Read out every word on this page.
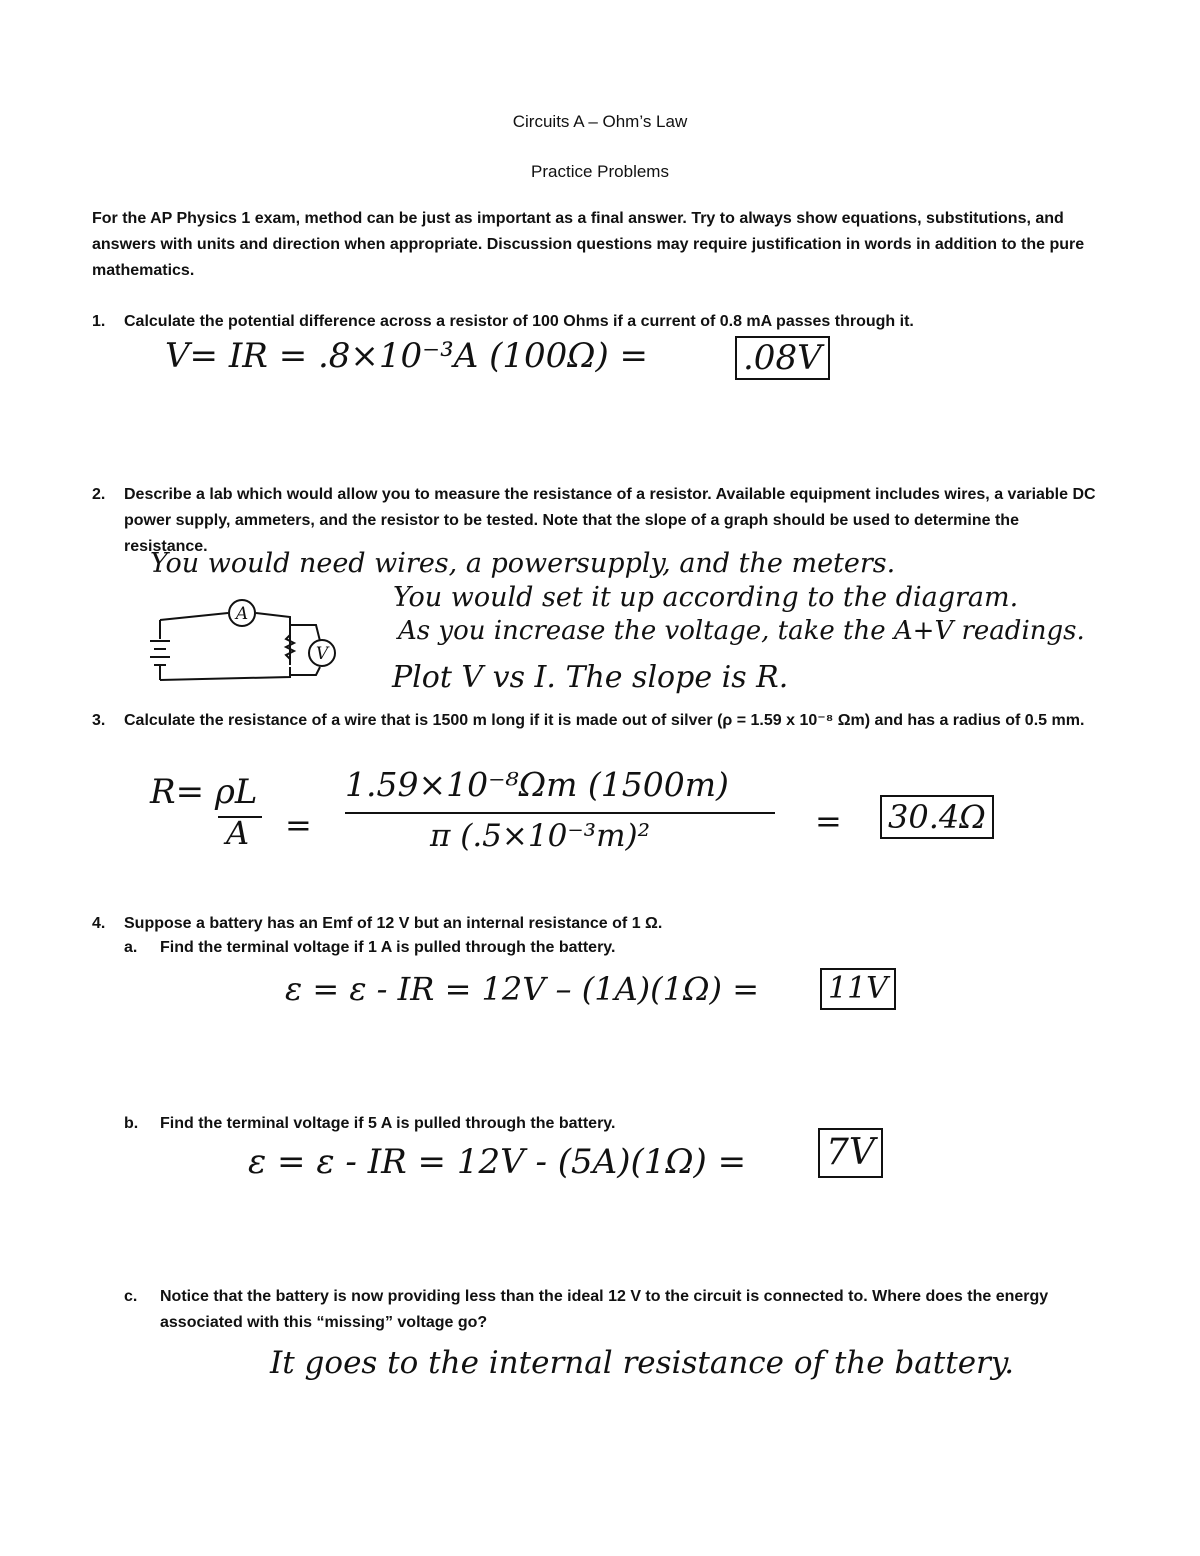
Circuits A – Ohm’s Law
Practice Problems
For the AP Physics 1 exam, method can be just as important as a final answer. Try to always show equations, substitutions, and answers with units and direction when appropriate. Discussion questions may require justification in words in addition to the pure mathematics.
1. Calculate the potential difference across a resistor of 100 Ohms if a current of 0.8 mA passes through it.
V= IR = .8×10⁻³A (100Ω) =	.08V
2. Describe a lab which would allow you to measure the resistance of a resistor. Available equipment includes wires, a variable DC power supply, ammeters, and the resistor to be tested. Note that the slope of a graph should be used to determine the resistance.
You would need wires, a powersupply, and the meters.
You would set it up according to the diagram.
As you increase the voltage, take the A+V readings.
Plot V vs I. The slope is R.
A
V
3. Calculate the resistance of a wire that is 1500 m long if it is made out of silver (ρ = 1.59 x 10⁻⁸ Ωm) and has a radius of 0.5 mm.
R= ρL
A =
1.59×10⁻⁸Ωm (1500m)
π (.5×10⁻³m)²	= 30.4Ω
4. Suppose a battery has an Emf of 12 V but an internal resistance of 1 Ω.
a. Find the terminal voltage if 1 A is pulled through the battery.
ε = ε - IR = 12V – (1A)(1Ω) = 11V
b. Find the terminal voltage if 5 A is pulled through the battery.
ε = ε - IR = 12V - (5A)(1Ω) = 7V
c. Notice that the battery is now providing less than the ideal 12 V to the circuit is connected to. Where does the energy associated with this “missing” voltage go?
It goes to the internal resistance of the battery.
